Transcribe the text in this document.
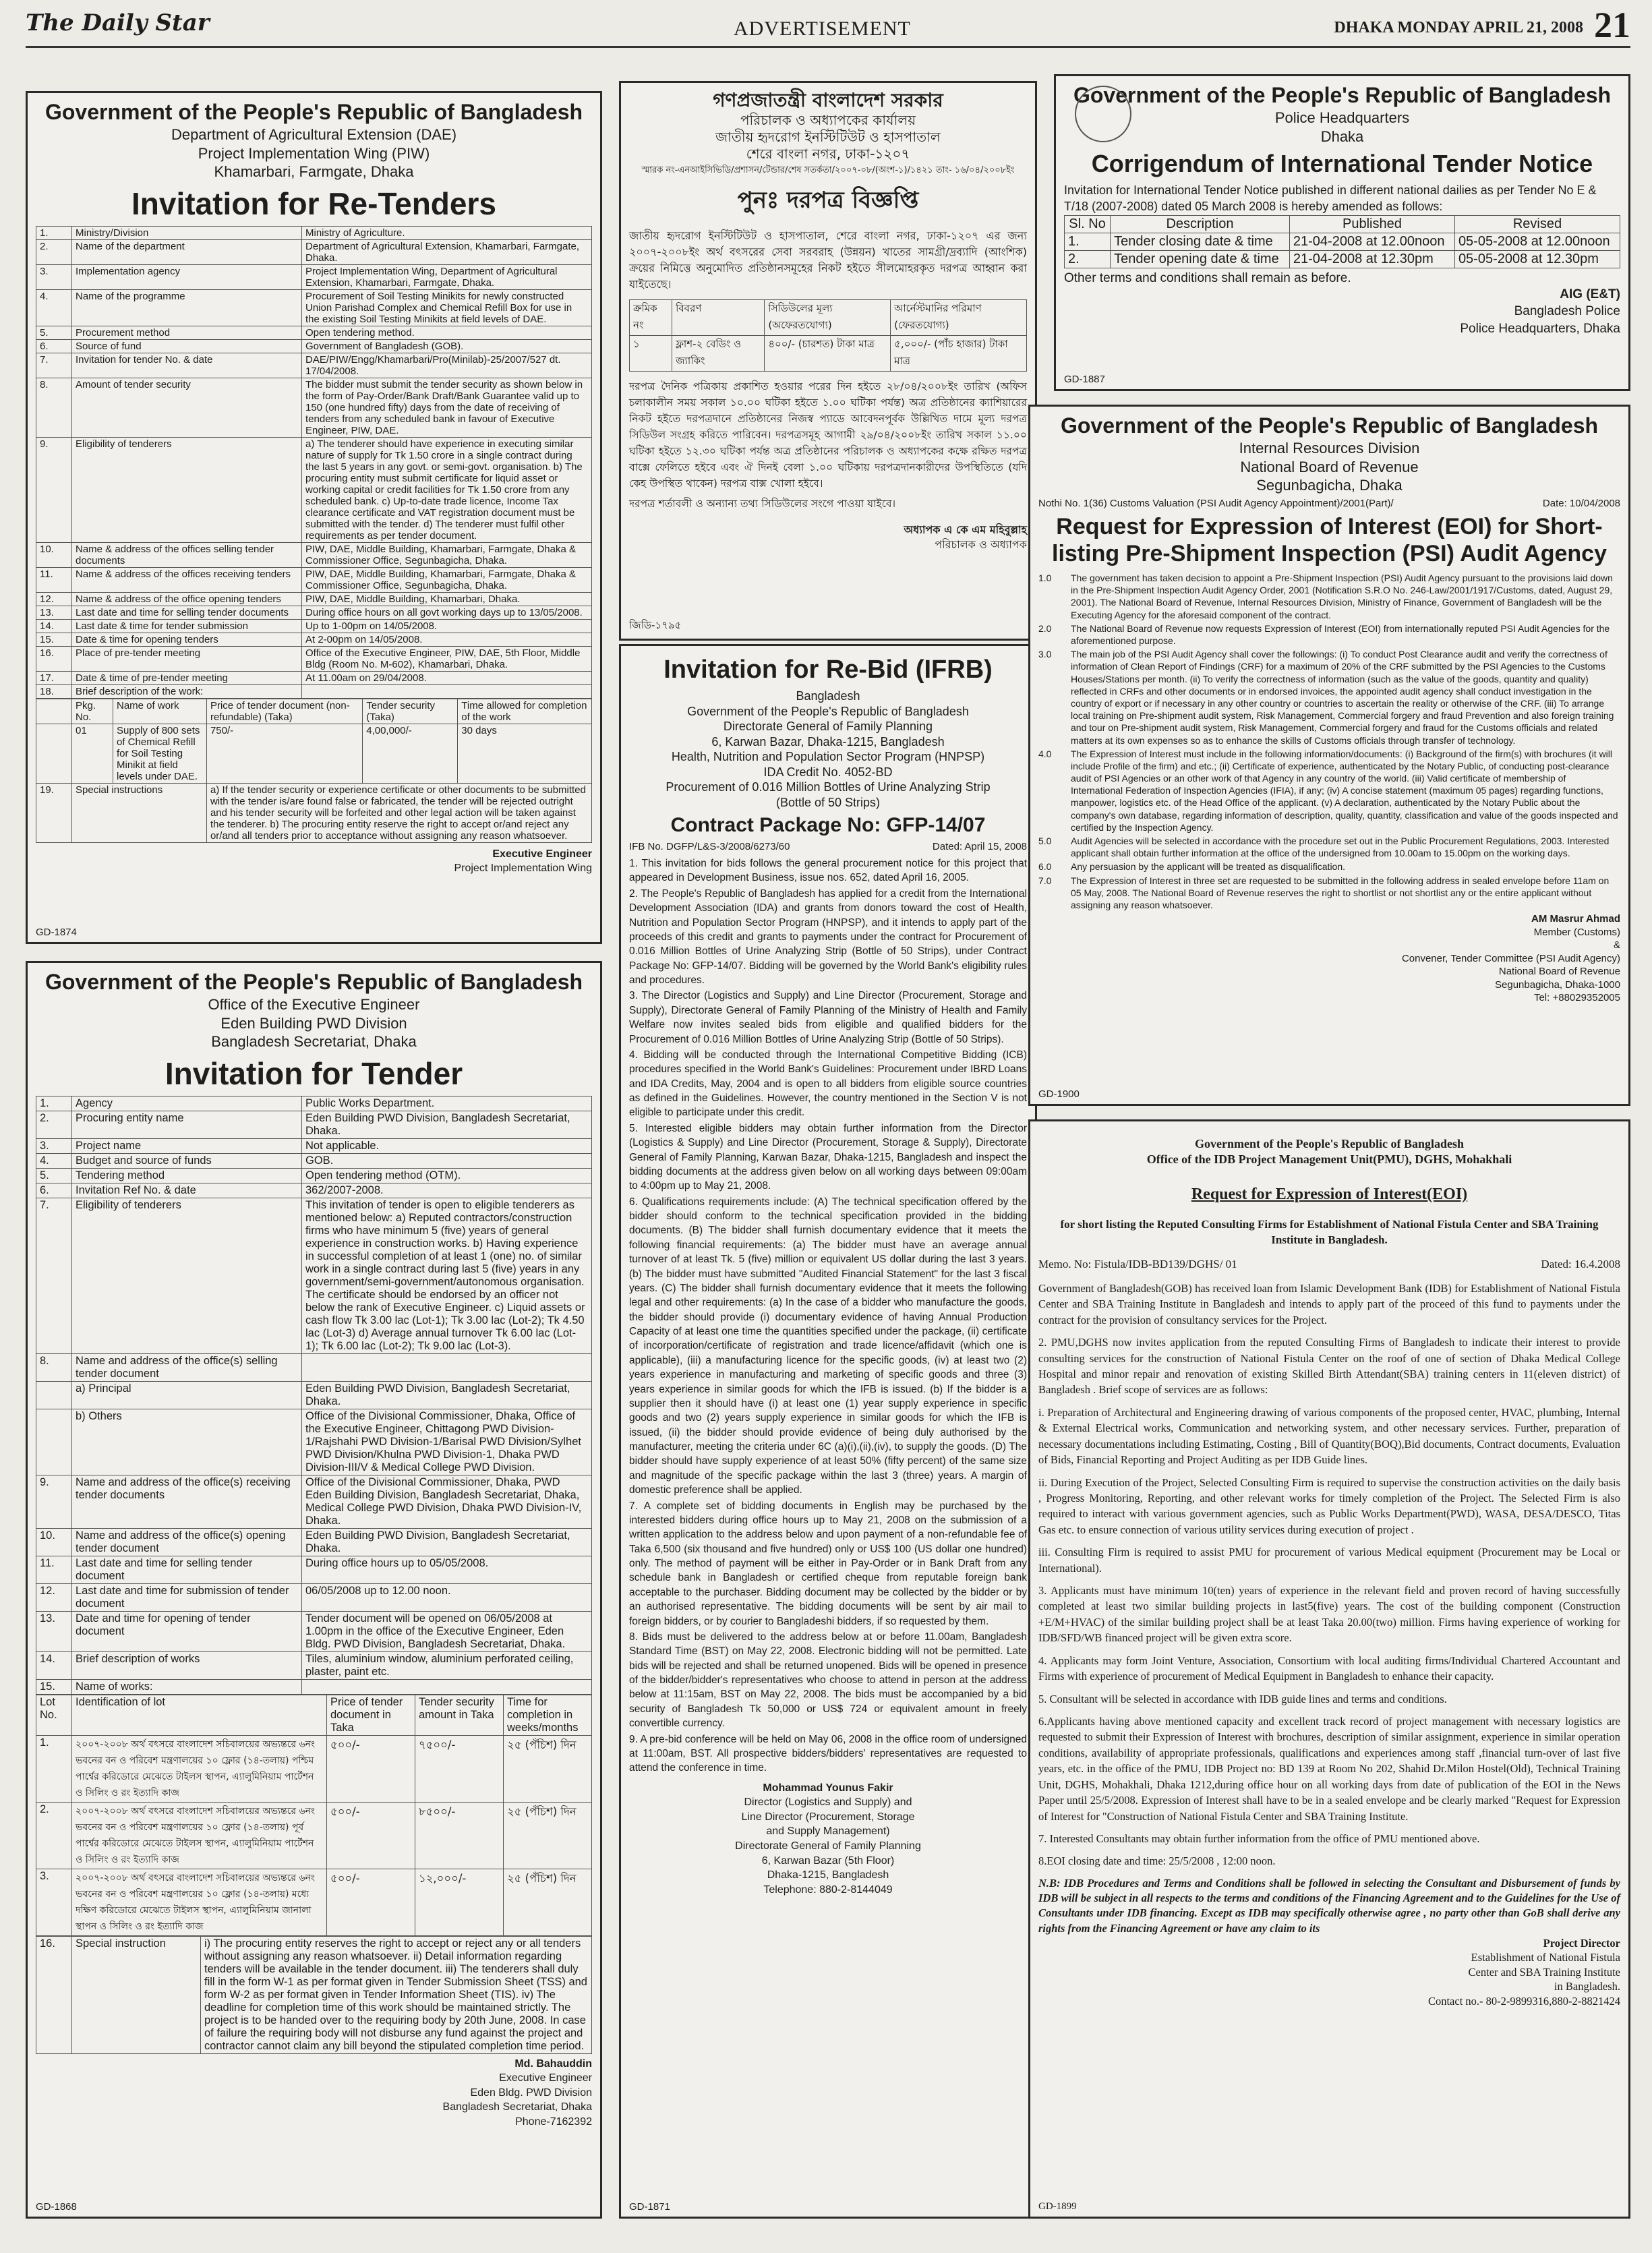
The Daily Star	ADVERTISEMENT	DHAKA MONDAY APRIL 21, 2008 21
Government of the People's Republic of Bangladesh
Department of Agricultural Extension (DAE)
Project Implementation Wing (PIW)
Khamarbari, Farmgate, Dhaka
Invitation for Re-Tenders
1.	Ministry/Division	Ministry of Agriculture.
2.	Name of the department	Department of Agricultural Extension, Khamarbari, Farmgate, Dhaka.
3.	Implementation agency	Project Implementation Wing, Department of Agricultural Extension, Khamarbari, Farmgate, Dhaka.
4.	Name of the programme	Procurement of Soil Testing Minikits for newly constructed Union Parishad Complex and Chemical Refill Box for use in the existing Soil Testing Minikits at field levels of DAE.
5.	Procurement method	Open tendering method.
6.	Source of fund	Government of Bangladesh (GOB).
7.	Invitation for tender No. & date	DAE/PIW/Engg/Khamarbari/Pro(Minilab)-25/2007/527 dt. 17/04/2008.
8.	Amount of tender security	The bidder must submit the tender security as shown below in the form of Pay-Order/Bank Draft/Bank Guarantee valid up to 150 (one hundred fifty) days from the date of receiving of tenders from any scheduled bank in favour of Executive Engineer, PIW, DAE.
9.	Eligibility of tenderers	a) The tenderer should have experience in executing similar nature of supply for Tk 1.50 crore in a single contract during the last 5 years in any govt. or semi-govt. organisation. b) The procuring entity must submit certificate for liquid asset or working capital or credit facilities for Tk 1.50 crore from any scheduled bank. c) Up-to-date trade licence, Income Tax clearance certificate and VAT registration document must be submitted with the tender. d) The tenderer must fulfil other requirements as per tender document.
10.	Name & address of the offices selling tender documents	PIW, DAE, Middle Building, Khamarbari, Farmgate, Dhaka & Commissioner Office, Segunbagicha, Dhaka.
11.	Name & address of the offices receiving tenders	PIW, DAE, Middle Building, Khamarbari, Farmgate, Dhaka & Commissioner Office, Segunbagicha, Dhaka.
12.	Name & address of the office opening tenders	PIW, DAE, Middle Building, Khamarbari, Dhaka.
13.	Last date and time for selling tender documents	During office hours on all govt working days up to 13/05/2008.
14.	Last date & time for tender submission	Up to 1-00pm on 14/05/2008.
15.	Date & time for opening tenders	At 2-00pm on 14/05/2008.
16.	Place of pre-tender meeting	Office of the Executive Engineer, PIW, DAE, 5th Floor, Middle Bldg (Room No. M-602), Khamarbari, Dhaka.
17.	Date & time of pre-tender meeting	At 11.00am on 29/04/2008.
18.	Brief description of the work:	
	Pkg. No.	Name of work	Price of tender document (non-refundable) (Taka)	Tender security (Taka)	Time allowed for completion of the work
	01	Supply of 800 sets of Chemical Refill for Soil Testing Minikit at field levels under DAE.	750/-	4,00,000/-	30 days
19.	Special instructions		a) If the tender security or experience certificate or other documents to be submitted with the tender is/are found false or fabricated, the tender will be rejected outright and his tender security will be forfeited and other legal action will be taken against the tenderer. b) The procuring entity reserve the right to accept or/and reject any or/and all tenders prior to acceptance without assigning any reason whatsoever.		
Executive Engineer
Project Implementation Wing
GD-1874
Government of the People's Republic of Bangladesh
Office of the Executive Engineer
Eden Building PWD Division
Bangladesh Secretariat, Dhaka
Invitation for Tender
1.	Agency	Public Works Department.
2.	Procuring entity name	Eden Building PWD Division, Bangladesh Secretariat, Dhaka.
3.	Project name	Not applicable.
4.	Budget and source of funds	GOB.
5.	Tendering method	Open tendering method (OTM).
6.	Invitation Ref No. & date	362/2007-2008.
7.	Eligibility of tenderers	This invitation of tender is open to eligible tenderers as mentioned below: a) Reputed contractors/construction firms who have minimum 5 (five) years of general experience in construction works. b) Having experience in successful completion of at least 1 (one) no. of similar work in a single contract during last 5 (five) years in any government/semi-government/autonomous organisation. The certificate should be endorsed by an officer not below the rank of Executive Engineer. c) Liquid assets or cash flow Tk 3.00 lac (Lot-1); Tk 3.00 lac (Lot-2); Tk 4.50 lac (Lot-3) d) Average annual turnover Tk 6.00 lac (Lot-1); Tk 6.00 lac (Lot-2); Tk 9.00 lac (Lot-3).
8.	Name and address of the office(s) selling tender document	
	a) Principal	Eden Building PWD Division, Bangladesh Secretariat, Dhaka.
	b) Others	Office of the Divisional Commissioner, Dhaka, Office of the Executive Engineer, Chittagong PWD Division-1/Rajshahi PWD Division-1/Barisal PWD Division/Sylhet PWD Division/Khulna PWD Division-1, Dhaka PWD Division-III/V & Medical College PWD Division.
9.	Name and address of the office(s) receiving tender documents	Office of the Divisional Commissioner, Dhaka, PWD Eden Building Division, Bangladesh Secretariat, Dhaka, Medical College PWD Division, Dhaka PWD Division-IV, Dhaka.
10.	Name and address of the office(s) opening tender document	Eden Building PWD Division, Bangladesh Secretariat, Dhaka.
11.	Last date and time for selling tender document	During office hours up to 05/05/2008.
12.	Last date and time for submission of tender document	06/05/2008 up to 12.00 noon.
13.	Date and time for opening of tender document	Tender document will be opened on 06/05/2008 at 1.00pm in the office of the Executive Engineer, Eden Bldg. PWD Division, Bangladesh Secretariat, Dhaka.
14.	Brief description of works	Tiles, aluminium window, aluminium perforated ceiling, plaster, paint etc.
15.	Name of works:	
Lot No.	Identification of lot	Price of tender document in Taka	Tender security amount in Taka	Time for completion in weeks/months
1.	২০০৭-২০০৮ অর্থ বৎসরে বাংলাদেশ সচিবালয়ের অভ্যন্তরে ৬নং ভবনের বন ও পরিবেশ মন্ত্রণালয়ের ১০ ফ্লোর (১৪-তলায়) পশ্চিম পার্শ্বের করিডোরে মেঝেতে টাইলস স্থাপন, এ্যালুমিনিয়াম পার্টেশন ও সিলিং ও রং ইত্যাদি কাজ	৫০০/-	৭৫০০/-	২৫ (পঁচিশ) দিন
2.	২০০৭-২০০৮ অর্থ বৎসরে বাংলাদেশ সচিবালয়ের অভ্যন্তরে ৬নং ভবনের বন ও পরিবেশ মন্ত্রণালয়ের ১০ ফ্লোর (১৪-তলায়) পূর্ব পার্শ্বের করিডোরে মেঝেতে টাইলস স্থাপন, এ্যালুমিনিয়াম পার্টেশন ও সিলিং ও রং ইত্যাদি কাজ	৫০০/-	৮৫০০/-	২৫ (পঁচিশ) দিন
3.	২০০৭-২০০৮ অর্থ বৎসরে বাংলাদেশ সচিবালয়ের অভ্যন্তরে ৬নং ভবনের বন ও পরিবেশ মন্ত্রণালয়ের ১০ ফ্লোর (১৪-তলায়) মধ্যে দক্ষিণ করিডোরে মেঝেতে টাইলস স্থাপন, এ্যালুমিনিয়াম জানালা স্থাপন ও সিলিং ও রং ইত্যাদি কাজ	৫০০/-	১২,০০০/-	২৫ (পঁচিশ) দিন
16.	Special instruction	i) The procuring entity reserves the right to accept or reject any or all tenders without assigning any reason whatsoever. ii) Detail information regarding tenders will be available in the tender document. iii) The tenderers shall duly fill in the form W-1 as per format given in Tender Submission Sheet (TSS) and form W-2 as per format given in Tender Information Sheet (TIS). iv) The deadline for completion time of this work should be maintained strictly. The project is to be handed over to the requiring body by 20th June, 2008. In case of failure the requiring body will not disburse any fund against the project and contractor cannot claim any bill beyond the stipulated completion time period.
Md. Bahauddin
Executive Engineer
Eden Bldg. PWD Division
Bangladesh Secretariat, Dhaka
Phone-7162392
GD-1868
গণপ্রজাতন্ত্রী বাংলাদেশ সরকার
পরিচালক ও অধ্যাপকের কার্যালয়
জাতীয় হৃদরোগ ইনস্টিটিউট ও হাসপাতাল
শেরে বাংলা নগর, ঢাকা-১২০৭
স্মারক নং-এনআইসিভিডি/প্রশাসন/টেন্ডার/শেষ সতর্কতা/২০০৭-০৮/(অংশ-১)/১৪২১ তাং- ১৬/০৪/২০০৮ইং
পুনঃ দরপত্র বিজ্ঞপ্তি
জাতীয় হৃদরোগ ইনস্টিটিউট ও হাসপাতাল, শেরে বাংলা নগর, ঢাকা-১২০৭ এর জন্য ২০০৭-২০০৮ইং অর্থ বৎসরের সেবা সরবরাহ (উন্নয়ন) খাতের সামগ্রী/দ্রব্যাদি (আংশিক) ক্রয়ের নিমিত্তে অনুমোদিত প্রতিষ্ঠানসমূহের নিকট হইতে সীলমোহরকৃত দরপত্র আহ্বান করা যাইতেছে।
ক্রমিক নং	বিবরণ	সিডিউলের মূল্য (অফেরতযোগ্য)	আর্নেস্টমানির পরিমাণ (ফেরতযোগ্য)
১	ফ্লাশ-২ বেডিং ও জ্যাকিং	৪০০/- (চারশত) টাকা মাত্র	৫,০০০/- (পাঁচ হাজার) টাকা মাত্র
দরপত্র দৈনিক পত্রিকায় প্রকাশিত হওয়ার পরের দিন হইতে ২৮/০৪/২০০৮ইং তারিখ (অফিস চলাকালীন সময় সকাল ১০.০০ ঘটিকা হইতে ১.০০ ঘটিকা পর্যন্ত) অত্র প্রতিষ্ঠানের ক্যাশিয়ারের নিকট হইতে দরপত্রদানে প্রতিষ্ঠানের নিজস্ব প্যাডে আবেদনপূর্বক উল্লিখিত দামে মূল্য দরপত্র সিডিউল সংগ্রহ করিতে পারিবেন। দরপত্রসমূহ আগামী ২৯/০৪/২০০৮ইং তারিখ সকাল ১১.০০ ঘটিকা হইতে ১২.৩০ ঘটিকা পর্যন্ত অত্র প্রতিষ্ঠানের পরিচালক ও অধ্যাপকের কক্ষে রক্ষিত দরপত্র বাক্সে ফেলিতে হইবে এবং ঐ দিনই বেলা ১.০০ ঘটিকায় দরপত্রদানকারীদের উপস্থিতিতে (যদি কেহ উপস্থিত থাকেন) দরপত্র বাক্স খোলা হইবে।
দরপত্র শর্তাবলী ও অন্যান্য তথ্য সিডিউলের সংগে পাওয়া যাইবে।
অধ্যাপক এ কে এম মহিবুল্লাহ
পরিচালক ও অধ্যাপক
জিডি-১৭৯৫
Invitation for Re-Bid (IFRB)
Bangladesh
Government of the People's Republic of Bangladesh
Directorate General of Family Planning
6, Karwan Bazar, Dhaka-1215, Bangladesh
Health, Nutrition and Population Sector Program (HNPSP)
IDA Credit No. 4052-BD
Procurement of 0.016 Million Bottles of Urine Analyzing Strip
(Bottle of 50 Strips)
Contract Package No: GFP-14/07
IFB No. DGFP/L&S-3/2008/6273/60	Dated: April 15, 2008
1. This invitation for bids follows the general procurement notice for this project that appeared in Development Business, issue nos. 652, dated April 16, 2005.
2. The People's Republic of Bangladesh has applied for a credit from the International Development Association (IDA) and grants from donors toward the cost of Health, Nutrition and Population Sector Program (HNPSP), and it intends to apply part of the proceeds of this credit and grants to payments under the contract for Procurement of 0.016 Million Bottles of Urine Analyzing Strip (Bottle of 50 Strips), under Contract Package No: GFP-14/07. Bidding will be governed by the World Bank's eligibility rules and procedures.
3. The Director (Logistics and Supply) and Line Director (Procurement, Storage and Supply), Directorate General of Family Planning of the Ministry of Health and Family Welfare now invites sealed bids from eligible and qualified bidders for the Procurement of 0.016 Million Bottles of Urine Analyzing Strip (Bottle of 50 Strips).
4. Bidding will be conducted through the International Competitive Bidding (ICB) procedures specified in the World Bank's Guidelines: Procurement under IBRD Loans and IDA Credits, May, 2004 and is open to all bidders from eligible source countries as defined in the Guidelines. However, the country mentioned in the Section V is not eligible to participate under this credit.
5. Interested eligible bidders may obtain further information from the Director (Logistics & Supply) and Line Director (Procurement, Storage & Supply), Directorate General of Family Planning, Karwan Bazar, Dhaka-1215, Bangladesh and inspect the bidding documents at the address given below on all working days between 09:00am to 4:00pm up to May 21, 2008.
6. Qualifications requirements include: (A) The technical specification offered by the bidder should conform to the technical specification provided in the bidding documents. (B) The bidder shall furnish documentary evidence that it meets the following financial requirements: (a) The bidder must have an average annual turnover of at least Tk. 5 (five) million or equivalent US dollar during the last 3 years. (b) The bidder must have submitted "Audited Financial Statement" for the last 3 fiscal years. (C) The bidder shall furnish documentary evidence that it meets the following legal and other requirements: (a) In the case of a bidder who manufacture the goods, the bidder should provide (i) documentary evidence of having Annual Production Capacity of at least one time the quantities specified under the package, (ii) certificate of incorporation/certificate of registration and trade licence/affidavit (which one is applicable), (iii) a manufacturing licence for the specific goods, (iv) at least two (2) years experience in manufacturing and marketing of specific goods and three (3) years experience in similar goods for which the IFB is issued. (b) If the bidder is a supplier then it should have (i) at least one (1) year supply experience in specific goods and two (2) years supply experience in similar goods for which the IFB is issued, (ii) the bidder should provide evidence of being duly authorised by the manufacturer, meeting the criteria under 6C (a)(i),(ii),(iv), to supply the goods. (D) The bidder should have supply experience of at least 50% (fifty percent) of the same size and magnitude of the specific package within the last 3 (three) years. A margin of domestic preference shall be applied.
7. A complete set of bidding documents in English may be purchased by the interested bidders during office hours up to May 21, 2008 on the submission of a written application to the address below and upon payment of a non-refundable fee of Taka 6,500 (six thousand and five hundred) only or US$ 100 (US dollar one hundred) only. The method of payment will be either in Pay-Order or in Bank Draft from any schedule bank in Bangladesh or certified cheque from reputable foreign bank acceptable to the purchaser. Bidding document may be collected by the bidder or by an authorised representative. The bidding documents will be sent by air mail to foreign bidders, or by courier to Bangladeshi bidders, if so requested by them.
8. Bids must be delivered to the address below at or before 11.00am, Bangladesh Standard Time (BST) on May 22, 2008. Electronic bidding will not be permitted. Late bids will be rejected and shall be returned unopened. Bids will be opened in presence of the bidder/bidder's representatives who choose to attend in person at the address below at 11:15am, BST on May 22, 2008. The bids must be accompanied by a bid security of Bangladesh Tk 50,000 or US$ 724 or equivalent amount in freely convertible currency.
9. A pre-bid conference will be held on May 06, 2008 in the office room of undersigned at 11:00am, BST. All prospective bidders/bidders' representatives are requested to attend the conference in time.
Mohammad Younus Fakir
Director (Logistics and Supply) and
Line Director (Procurement, Storage
and Supply Management)
Directorate General of Family Planning
6, Karwan Bazar (5th Floor)
Dhaka-1215, Bangladesh
Telephone: 880-2-8144049
GD-1871
Government of the People's Republic of Bangladesh
Police Headquarters
Dhaka
Corrigendum of International Tender Notice
Invitation for International Tender Notice published in different national dailies as per Tender No E & T/18 (2007-2008) dated 05 March 2008 is hereby amended as follows:
Sl. No	Description	Published	Revised
1.	Tender closing date & time	21-04-2008 at 12.00noon	05-05-2008 at 12.00noon
2.	Tender opening date & time	21-04-2008 at 12.30pm	05-05-2008 at 12.30pm
Other terms and conditions shall remain as before.
AIG (E&T)
Bangladesh Police
Police Headquarters, Dhaka
GD-1887
Government of the People's Republic of Bangladesh
Internal Resources Division
National Board of Revenue
Segunbagicha, Dhaka
Nothi No. 1(36) Customs Valuation (PSI Audit Agency Appointment)/2001(Part)/	Date: 10/04/2008
Request for Expression of Interest (EOI) for Short-listing Pre-Shipment Inspection (PSI) Audit Agency
1.0	The government has taken decision to appoint a Pre-Shipment Inspection (PSI) Audit Agency pursuant to the provisions laid down in the Pre-Shipment Inspection Audit Agency Order, 2001 (Notification S.R.O No. 246-Law/2001/1917/Customs, dated, August 29, 2001). The National Board of Revenue, Internal Resources Division, Ministry of Finance, Government of Bangladesh will be the Executing Agency for the aforesaid component of the contract.
2.0	The National Board of Revenue now requests Expression of Interest (EOI) from internationally reputed PSI Audit Agencies for the aforementioned purpose.
3.0	The main job of the PSI Audit Agency shall cover the followings: (i) To conduct Post Clearance audit and verify the correctness of information of Clean Report of Findings (CRF) for a maximum of 20% of the CRF submitted by the PSI Agencies to the Customs Houses/Stations per month. (ii) To verify the correctness of information (such as the value of the goods, quantity and quality) reflected in CRFs and other documents or in endorsed invoices, the appointed audit agency shall conduct investigation in the country of export or if necessary in any other country or countries to ascertain the reality or otherwise of the CRF. (iii) To arrange local training on Pre-shipment audit system, Risk Management, Commercial forgery and fraud Prevention and also foreign training and tour on Pre-shipment audit system, Risk Management, Commercial forgery and fraud for the Customs officials and related matters at its own expenses so as to enhance the skills of Customs officials through transfer of technology.
4.0	The Expression of Interest must include in the following information/documents: (i) Background of the firm(s) with brochures (it will include Profile of the firm) and etc.; (ii) Certificate of experience, authenticated by the Notary Public, of conducting post-clearance audit of PSI Agencies or an other work of that Agency in any country of the world. (iii) Valid certificate of membership of International Federation of Inspection Agencies (IFIA), if any; (iv) A concise statement (maximum 05 pages) regarding functions, manpower, logistics etc. of the Head Office of the applicant. (v) A declaration, authenticated by the Notary Public about the company's own database, regarding information of description, quality, quantity, classification and value of the goods inspected and certified by the Inspection Agency.
5.0	Audit Agencies will be selected in accordance with the procedure set out in the Public Procurement Regulations, 2003. Interested applicant shall obtain further information at the office of the undersigned from 10.00am to 15.00pm on the working days.
6.0	Any persuasion by the applicant will be treated as disqualification.
7.0	The Expression of Interest in three set are requested to be submitted in the following address in sealed envelope before 11am on 05 May, 2008. The National Board of Revenue reserves the right to shortlist or not shortlist any or the entire applicant without assigning any reason whatsoever.
AM Masrur Ahmad
Member (Customs)
&
Convener, Tender Committee (PSI Audit Agency)
National Board of Revenue
Segunbagicha, Dhaka-1000
Tel: +88029352005
GD-1900
Government of the People's Republic of Bangladesh
Office of the IDB Project Management Unit(PMU), DGHS, Mohakhali
Request for Expression of Interest(EOI)
for short listing the Reputed Consulting Firms for Establishment of National Fistula Center and SBA Training Institute in Bangladesh.
Memo. No: Fistula/IDB-BD139/DGHS/ 01	Dated: 16.4.2008
Government of Bangladesh(GOB) has received loan from Islamic Development Bank (IDB) for Establishment of National Fistula Center and SBA Training Institute in Bangladesh and intends to apply part of the proceed of this fund to payments under the contract for the provision of consultancy services for the Project.
2. PMU,DGHS now invites application from the reputed Consulting Firms of Bangladesh to indicate their interest to provide consulting services for the construction of National Fistula Center on the roof of one of section of Dhaka Medical College Hospital and minor repair and renovation of existing Skilled Birth Attendant(SBA) training centers in 11(eleven district) of Bangladesh . Brief scope of services are as follows:
i. Preparation of Architectural and Engineering drawing of various components of the proposed center, HVAC, plumbing, Internal & External Electrical works, Communication and networking system, and other necessary services. Further, preparation of necessary documentations including Estimating, Costing , Bill of Quantity(BOQ),Bid documents, Contract documents, Evaluation of Bids, Financial Reporting and Project Auditing as per IDB Guide lines.
ii. During Execution of the Project, Selected Consulting Firm is required to supervise the construction activities on the daily basis , Progress Monitoring, Reporting, and other relevant works for timely completion of the Project. The Selected Firm is also required to interact with various government agencies, such as Public Works Department(PWD), WASA, DESA/DESCO, Titas Gas etc. to ensure connection of various utility services during execution of project .
iii. Consulting Firm is required to assist PMU for procurement of various Medical equipment (Procurement may be Local or International).
3. Applicants must have minimum 10(ten) years of experience in the relevant field and proven record of having successfully completed at least two similar building projects in last5(five) years. The cost of the building component (Construction +E/M+HVAC) of the similar building project shall be at least Taka 20.00(two) million. Firms having experience of working for IDB/SFD/WB financed project will be given extra score.
4. Applicants may form Joint Venture, Association, Consortium with local auditing firms/Individual Chartered Accountant and Firms with experience of procurement of Medical Equipment in Bangladesh to enhance their capacity.
5. Consultant will be selected in accordance with IDB guide lines and terms and conditions.
6.Applicants having above mentioned capacity and excellent track record of project management with necessary logistics are requested to submit their Expression of Interest with brochures, description of similar assignment, experience in similar operation conditions, availability of appropriate professionals, qualifications and experiences among staff ,financial turn-over of last five years, etc. in the office of the PMU, IDB Project no: BD 139 at Room No 202, Shahid Dr.Milon Hostel(Old), Technical Training Unit, DGHS, Mohakhali, Dhaka 1212,during office hour on all working days from date of publication of the EOI in the News Paper until 25/5/2008. Expression of Interest shall have to be in a sealed envelope and be clearly marked "Request for Expression of Interest for "Construction of National Fistula Center and SBA Training Institute.
7. Interested Consultants may obtain further information from the office of PMU mentioned above.
8.EOI closing date and time: 25/5/2008 , 12:00 noon.
N.B: IDB Procedures and Terms and Conditions shall be followed in selecting the Consultant and Disbursement of funds by IDB will be subject in all respects to the terms and conditions of the Financing Agreement and to the Guidelines for the Use of Consultants under IDB financing. Except as IDB may specifically otherwise agree , no party other than GoB shall derive any rights from the Financing Agreement or have any claim to its
Project Director
Establishment of National Fistula
Center and SBA Training Institute
in Bangladesh.
Contact no.- 80-2-9899316,880-2-8821424
GD-1899
